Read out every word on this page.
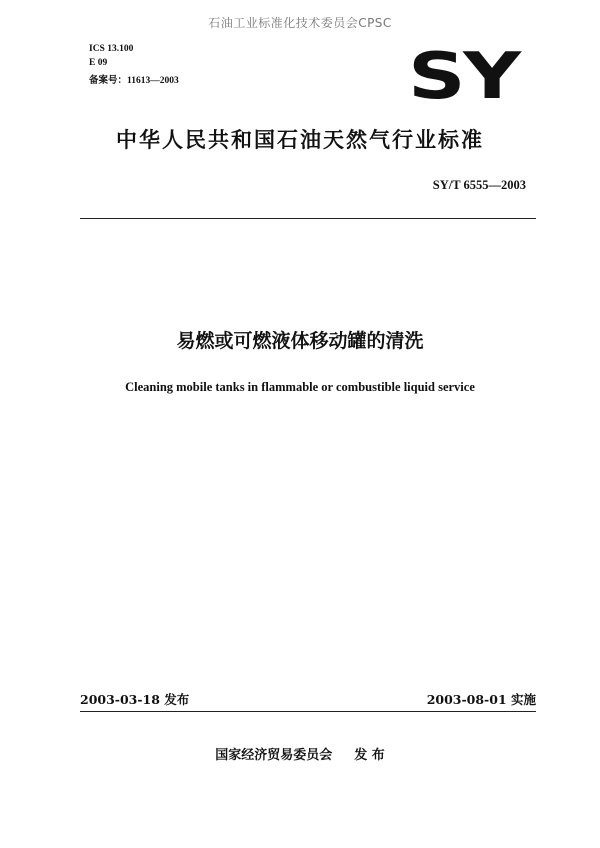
石油工业标准化技术委员会CPSC
ICS 13.100
E 09
备案号：11613—2003	SY
中华人民共和国石油天然气行业标准
SY/T 6555—2003
易燃或可燃液体移动罐的清洗
Cleaning mobile tanks in flammable or combustible liquid service
2003-03-18 发布	2003-08-01 实施
国家经济贸易委员会 发 布
